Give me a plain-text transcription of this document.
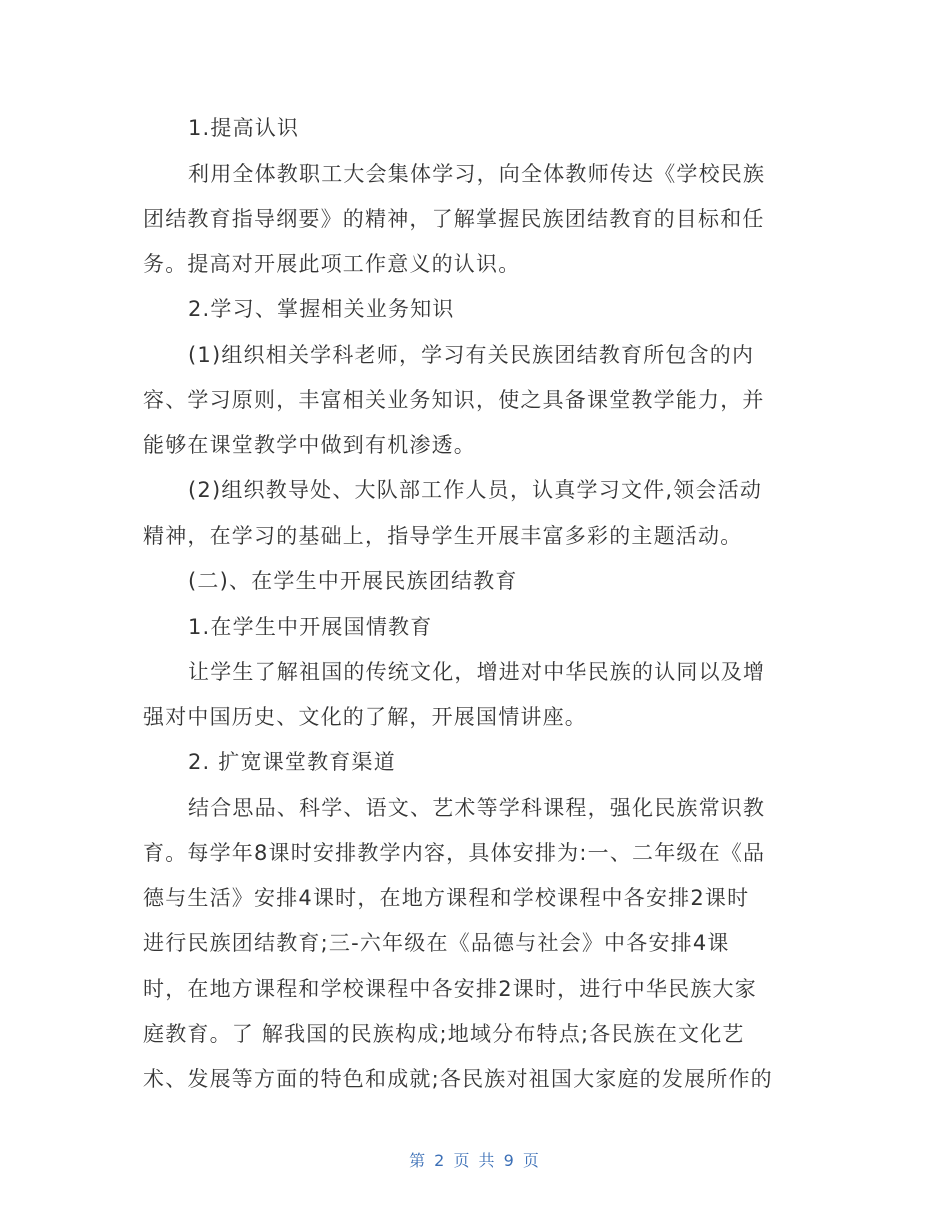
1.提高认识
利用全体教职工大会集体学习，向全体教师传达《学校民族
团结教育指导纲要》的精神，了解掌握民族团结教育的目标和任
务。提高对开展此项工作意义的认识。
2.学习、掌握相关业务知识
(1)组织相关学科老师，学习有关民族团结教育所包含的内
容、学习原则，丰富相关业务知识，使之具备课堂教学能力，并
能够在课堂教学中做到有机渗透。
(2)组织教导处、大队部工作人员，认真学习文件,领会活动
精神，在学习的基础上，指导学生开展丰富多彩的主题活动。
(二)、在学生中开展民族团结教育
1.在学生中开展国情教育
让学生了解祖国的传统文化，增进对中华民族的认同以及增
强对中国历史、文化的了解，开展国情讲座。
2. 扩宽课堂教育渠道
结合思品、科学、语文、艺术等学科课程，强化民族常识教
育。每学年8课时安排教学内容，具体安排为:一、二年级在《品
德与生活》安排4课时，在地方课程和学校课程中各安排2课时
进行民族团结教育;三-六年级在《品德与社会》中各安排4课
时，在地方课程和学校课程中各安排2课时，进行中华民族大家
庭教育。了 解我国的民族构成;地域分布特点;各民族在文化艺
术、发展等方面的特色和成就;各民族对祖国大家庭的发展所作的
第 2 页 共 9 页
